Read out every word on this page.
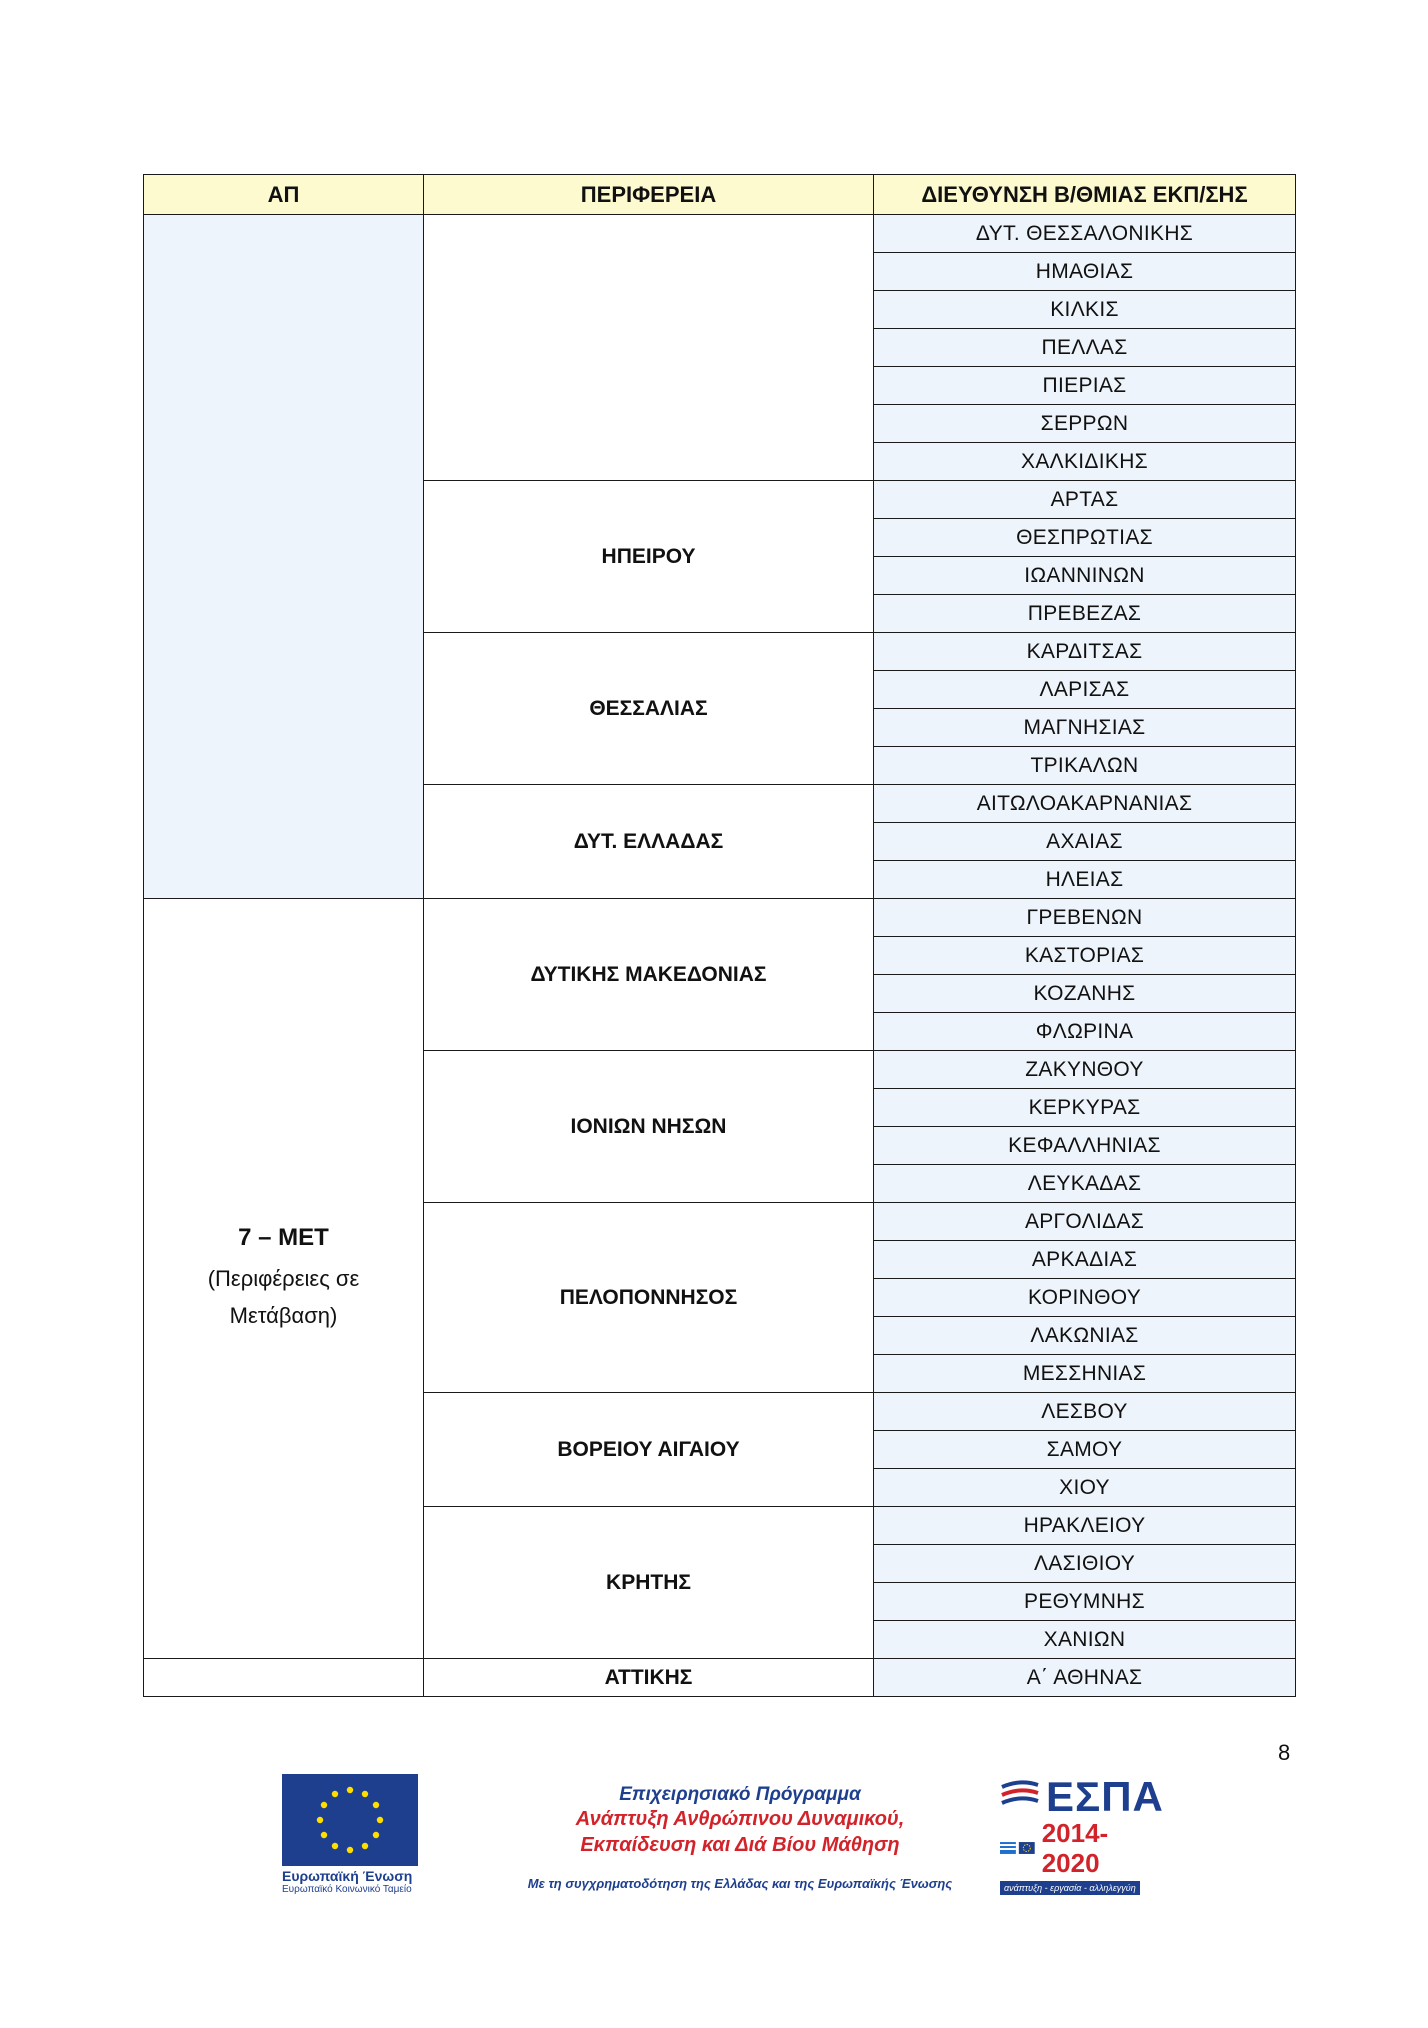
ΑΠ	ΠΕΡΙΦΕΡΕΙΑ	ΔΙΕΥΘΥΝΣΗ Β/ΘΜΙΑΣ ΕΚΠ/ΣΗΣ
		ΔΥΤ. ΘΕΣΣΑΛΟΝΙΚΗΣ
		ΗΜΑΘΙΑΣ
		ΚΙΛΚΙΣ
		ΠΕΛΛΑΣ
		ΠΙΕΡΙΑΣ
		ΣΕΡΡΩΝ
		ΧΑΛΚΙΔΙΚΗΣ
	ΗΠΕΙΡΟΥ	ΑΡΤΑΣ
		ΘΕΣΠΡΩΤΙΑΣ
		ΙΩΑΝΝΙΝΩΝ
		ΠΡΕΒΕΖΑΣ
	ΘΕΣΣΑΛΙΑΣ	ΚΑΡΔΙΤΣΑΣ
		ΛΑΡΙΣΑΣ
		ΜΑΓΝΗΣΙΑΣ
		ΤΡΙΚΑΛΩΝ
	ΔΥΤ. ΕΛΛΑΔΑΣ	ΑΙΤΩΛΟΑΚΑΡΝΑΝΙΑΣ
		ΑΧΑΙΑΣ
		ΗΛΕΙΑΣ

7 – ΜΕΤ
(Περιφέρειες σε Μετάβαση)	ΔΥΤΙΚΗΣ ΜΑΚΕΔΟΝΙΑΣ	ΓΡΕΒΕΝΩΝ
		ΚΑΣΤΟΡΙΑΣ
		ΚΟΖΑΝΗΣ
		ΦΛΩΡΙΝΑ
	ΙΟΝΙΩΝ ΝΗΣΩΝ	ΖΑΚΥΝΘΟΥ
		ΚΕΡΚΥΡΑΣ
		ΚΕΦΑΛΛΗΝΙΑΣ
		ΛΕΥΚΑΔΑΣ
	ΠΕΛΟΠΟΝΝΗΣΟΣ	ΑΡΓΟΛΙΔΑΣ
		ΑΡΚΑΔΙΑΣ
		ΚΟΡΙΝΘΟΥ
		ΛΑΚΩΝΙΑΣ
		ΜΕΣΣΗΝΙΑΣ
	ΒΟΡΕΙΟΥ ΑΙΓΑΙΟΥ	ΛΕΣΒΟΥ
		ΣΑΜΟΥ
		ΧΙΟΥ
	ΚΡΗΤΗΣ	ΗΡΑΚΛΕΙΟΥ
		ΛΑΣΙΘΙΟΥ
		ΡΕΘΥΜΝΗΣ
		ΧΑΝΙΩΝ
	ΑΤΤΙΚΗΣ	Α΄ ΑΘΗΝΑΣ
8
Ευρωπαϊκή Ένωση
Ευρωπαϊκό Κοινωνικό Ταμείο
Επιχειρησιακό Πρόγραμμα
Ανάπτυξη Ανθρώπινου Δυναμικού,
Εκπαίδευση και Διά Βίου Μάθηση
Με τη συγχρηματοδότηση της Ελλάδας και της Ευρωπαϊκής Ένωσης
ΕΣΠΑ
2014-2020
ανάπτυξη - εργασία - αλληλεγγύη
